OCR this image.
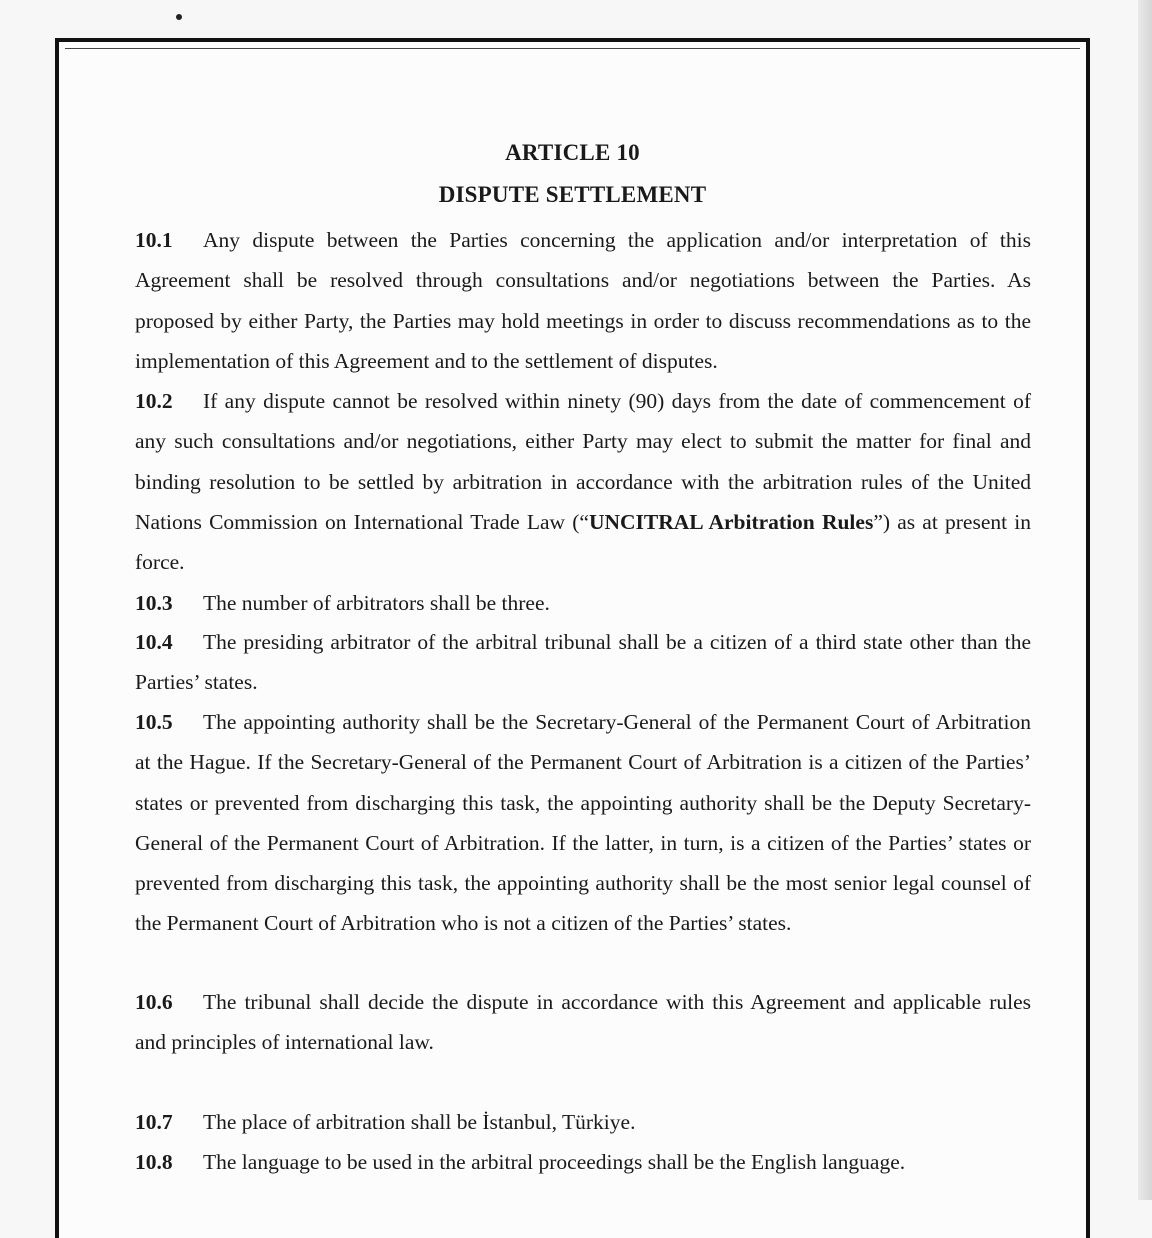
ARTICLE 10
DISPUTE SETTLEMENT
10.1 Any dispute between the Parties concerning the application and/or interpretation of this Agreement shall be resolved through consultations and/or negotiations between the Parties. As proposed by either Party, the Parties may hold meetings in order to discuss recommendations as to the implementation of this Agreement and to the settlement of disputes.
10.2 If any dispute cannot be resolved within ninety (90) days from the date of commencement of any such consultations and/or negotiations, either Party may elect to submit the matter for final and binding resolution to be settled by arbitration in accordance with the arbitration rules of the United Nations Commission on International Trade Law (“UNCITRAL Arbitration Rules”) as at present in force.
10.3 The number of arbitrators shall be three.
10.4 The presiding arbitrator of the arbitral tribunal shall be a citizen of a third state other than the Parties’ states.
10.5 The appointing authority shall be the Secretary-General of the Permanent Court of Arbitration at the Hague. If the Secretary-General of the Permanent Court of Arbitration is a citizen of the Parties’ states or prevented from discharging this task, the appointing authority shall be the Deputy Secretary-General of the Permanent Court of Arbitration. If the latter, in turn, is a citizen of the Parties’ states or prevented from discharging this task, the appointing authority shall be the most senior legal counsel of the Permanent Court of Arbitration who is not a citizen of the Parties’ states.
10.6 The tribunal shall decide the dispute in accordance with this Agreement and applicable rules and principles of international law.
10.7 The place of arbitration shall be İstanbul, Türkiye.
10.8 The language to be used in the arbitral proceedings shall be the English language.
